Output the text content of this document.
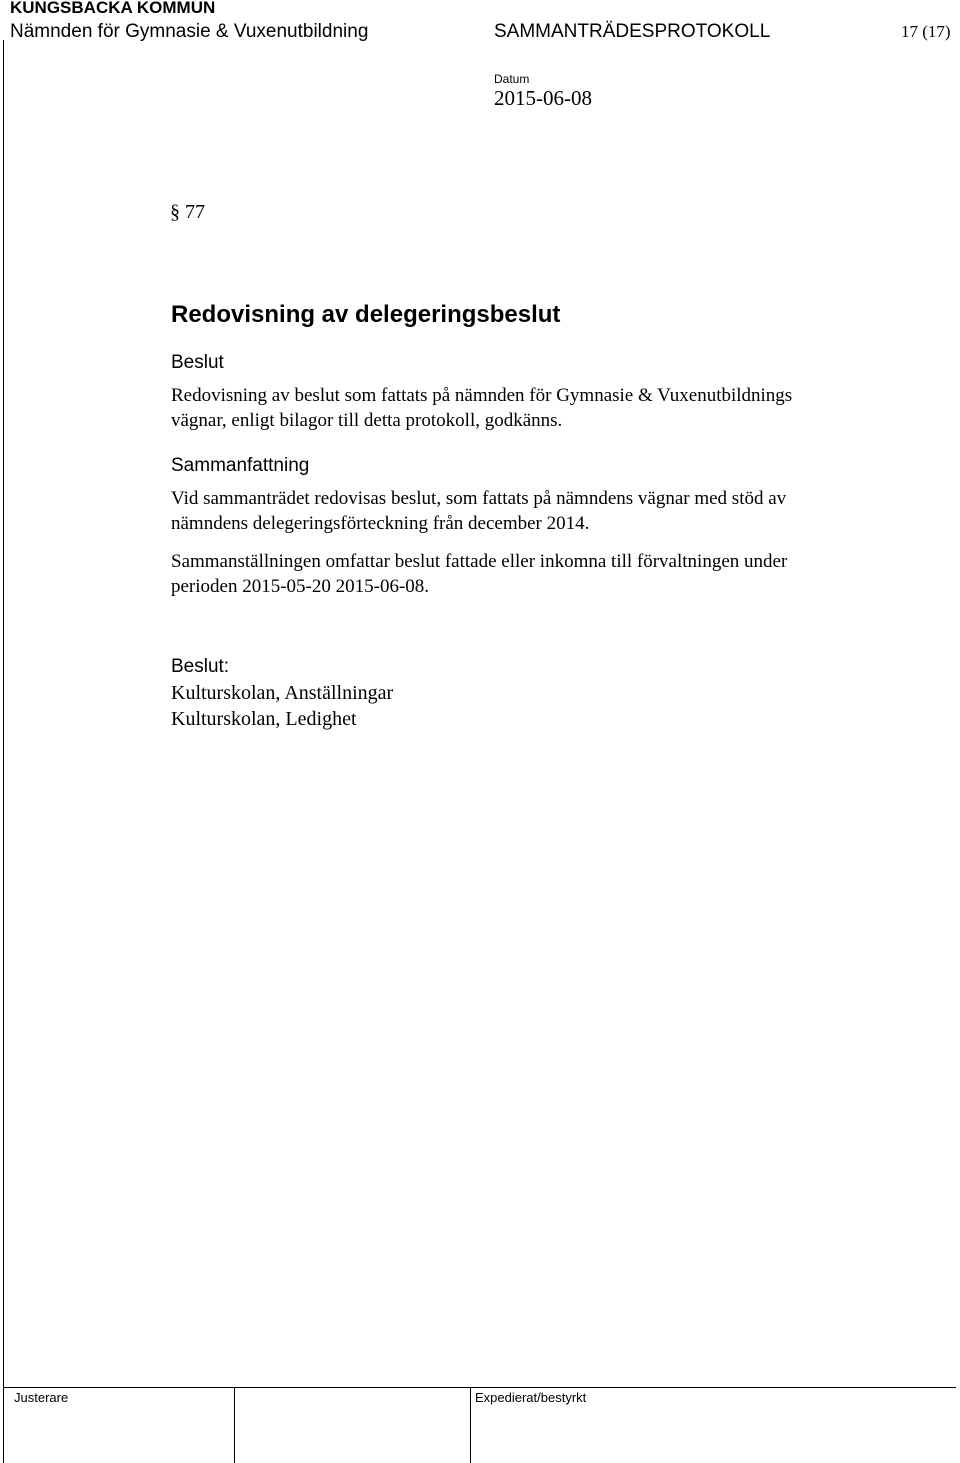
KUNGSBACKA KOMMUN
Nämnden för Gymnasie & Vuxenutbildning	SAMMANTRÄDESPROTOKOLL	17 (17)
Datum
2015-06-08
§ 77
Redovisning av delegeringsbeslut
Beslut
Redovisning av beslut som fattats på nämnden för Gymnasie & Vuxenutbildnings
vägnar, enligt bilagor till detta protokoll, godkänns.
Sammanfattning
Vid sammanträdet redovisas beslut, som fattats på nämndens vägnar med stöd av
nämndens delegeringsförteckning från december 2014.
Sammanställningen omfattar beslut fattade eller inkomna till förvaltningen under
perioden 2015-05-20 2015-06-08.
Beslut:
Kulturskolan, Anställningar
Kulturskolan, Ledighet
Justerare	Expedierat/bestyrkt
